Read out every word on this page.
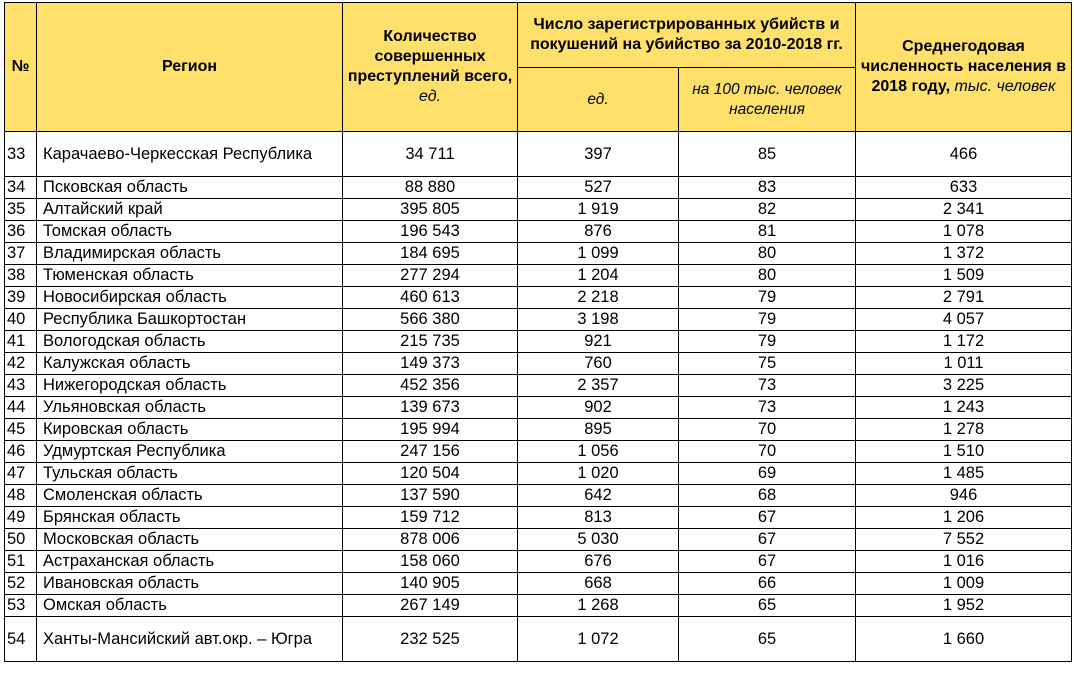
№	Регион	Количество совершенных преступлений всего, ед.	Число зарегистрированных убийств и покушений на убийство за 2010-2018 гг.		Среднегодовая численность населения в 2018 году, тыс. человек
			ед.	на 100 тыс. человек населения	
33	Карачаево-Черкесская Республика	34 711	397	85	466
34	Псковская область	88 880	527	83	633
35	Алтайский край	395 805	1 919	82	2 341
36	Томская область	196 543	876	81	1 078
37	Владимирская область	184 695	1 099	80	1 372
38	Тюменская область	277 294	1 204	80	1 509
39	Новосибирская область	460 613	2 218	79	2 791
40	Республика Башкортостан	566 380	3 198	79	4 057
41	Вологодская область	215 735	921	79	1 172
42	Калужская область	149 373	760	75	1 011
43	Нижегородская область	452 356	2 357	73	3 225
44	Ульяновская область	139 673	902	73	1 243
45	Кировская область	195 994	895	70	1 278
46	Удмуртская Республика	247 156	1 056	70	1 510
47	Тульская область	120 504	1 020	69	1 485
48	Смоленская область	137 590	642	68	946
49	Брянская область	159 712	813	67	1 206
50	Московская область	878 006	5 030	67	7 552
51	Астраханская область	158 060	676	67	1 016
52	Ивановская область	140 905	668	66	1 009
53	Омская область	267 149	1 268	65	1 952
54	Ханты-Мансийский авт.окр. – Югра	232 525	1 072	65	1 660
